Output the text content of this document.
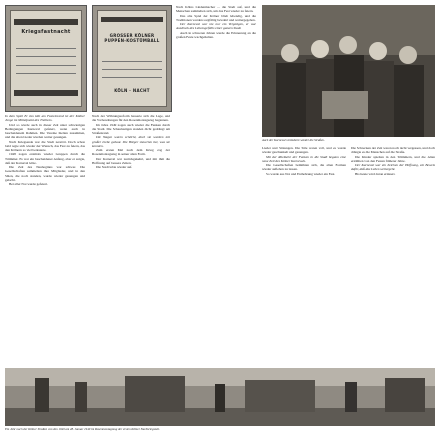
Kriegsfastnacht
GROSSER KÖLNER PUPPEN-KOSTÜMBALL
KÖLN · NACHT

In dem Spiel Et Jan kütt am Fastelovend ist der Kölner Junge im Mittelpunkt des Treibens.

Und so wurde auch in dieser Zeit unter schwierigen Bedingungen Karneval gefeiert, wenn auch in bescheidenem Rahmen. Die Vereine hielten zusammen, und die alten Lieder wurden weiter gesungen.

Nach Kriegsende war die Stadt zerstört. Doch schon bald regte sich wieder der Wunsch, das Fest zu feiern, das den Kölnern so viel bedeutete.

1948 zogen erstmals wieder Gruppen durch die Trümmer. Es war ein bescheidener Anfang, aber er zeigte, daß der Karneval lebte.

Die Zeit des Neubeginns war schwer. Die Gesellschaften sammelten ihre Mitglieder, und in den Sälen, die noch standen, wurde wieder gesungen und gelacht.

Bei aller Not wurde gefeiert.

Nach der Währungsreform besserte sich die Lage, und die Vorbereitungen für den Rosenmontagszug begannen.

Im Jahre 1949 zogen auch wieder die Funken durch die Stadt. Die Schaulustigen standen dicht gedrängt am Straßenrand.

Die Wagen waren schlicht, doch sie wurden mit großer Liebe gebaut. Die Bürger steuerten bei, was sie konnten.

Zum ersten Mal nach dem Krieg zog der Rosenmontagszug in seiner alten Form.

Der Karneval war zurückgekehrt, und mit ihm die Hoffnung auf bessere Zeiten.

Die Stadt lebte wieder auf.

Nach Kölns Lindenmacher ... die Stadt auf, und die Menschen sammelten sich, um das Fest wieder zu feiern.

Das alte Spiel der Kölner blieb lebendig, und die Traditionen wurden sorgfältig bewahrt und weitergegeben.

Der Karneval war nie nur ein Vergnügen, er war Ausdruck des Lebensgefühls einer ganzen Stadt.

Auch in schweren Jahren wurde die Erinnerung an die großen Feste wachgehalten.

Auch der Karneval veränderte wieder die Straßen.

Lieder und Sitzungen. Die Säle waren voll, und es wurde wieder geschunkelt und gesungen.

Mit der Rückkehr der Funken in die Stadt begann eine neue Zeit des Kölner Karnevals.

Die Gesellschaften bemühten sich, die alten Formen wieder aufleben zu lassen.

So wurde aus Not und Entbehrung wieder ein Fest.

Die Schrecken der Zeit waren noch nicht vergessen, und doch drängte es die Menschen auf die Straße.

Die Kinder spielten in den Trümmern, und die Alten erzählten von den Festen früherer Jahre.

Der Karneval war ein Zeichen der Hoffnung, ein Beweis dafür, daß das Leben weitergeht.

Bis heute wird daran erinnert.

Ein Jahr nach der Kölner Straßen von den 1949 am 28. Januar 1949 im Rosenmontagszug der ersten Kölner Nachkriegszeit.
